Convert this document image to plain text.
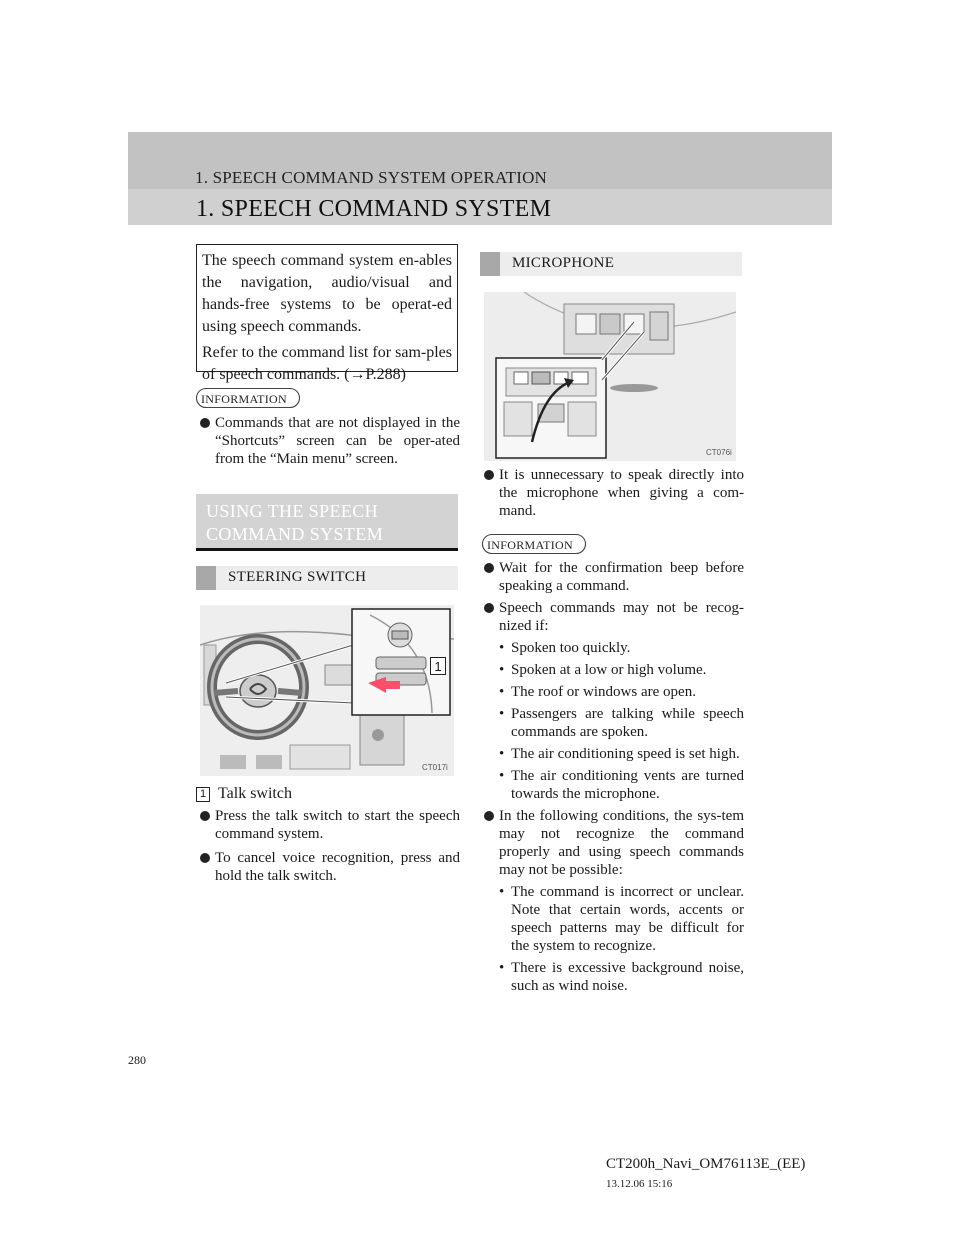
1. SPEECH COMMAND SYSTEM OPERATION
1. SPEECH COMMAND SYSTEM

The speech command system en-ables the navigation, audio/visual and hands-free systems to be operat-ed using speech commands.

Refer to the command list for sam-ples of speech commands. (→P.288)

INFORMATION
Commands that are not displayed in the “Shortcuts” screen can be oper-ated from the “Main menu” screen.
USING THE SPEECH COMMAND SYSTEM
STEERING SWITCH
1
CT017i
1 Talk switch
Press the talk switch to start the speech command system.
To cancel voice recognition, press and hold the talk switch.
MICROPHONE
CT076i
It is unnecessary to speak directly into the microphone when giving a com-mand.
INFORMATION
Wait for the confirmation beep before speaking a command.
Speech commands may not be recog-nized if:
• Spoken too quickly.
• Spoken at a low or high volume.
• The roof or windows are open.
• Passengers are talking while speech commands are spoken.
• The air conditioning speed is set high.
• The air conditioning vents are turned towards the microphone.
In the following conditions, the sys-tem may not recognize the command properly and using speech commands may not be possible:
• The command is incorrect or unclear. Note that certain words, accents or speech patterns may be difficult for the system to recognize.
• There is excessive background noise, such as wind noise.
280
CT200h_Navi_OM76113E_(EE)
13.12.06 15:16
